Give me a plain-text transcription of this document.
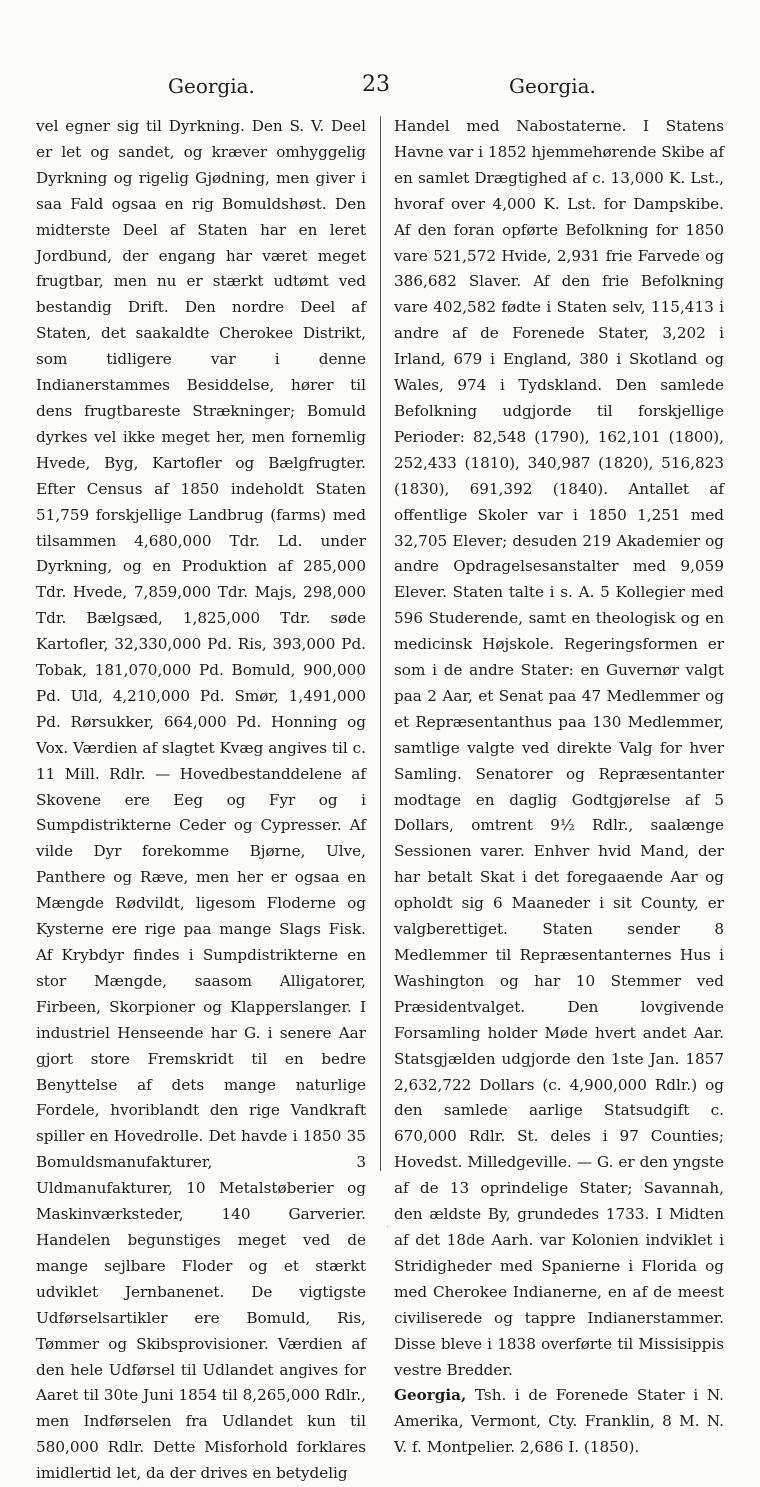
Georgia.	23	Georgia.

vel egner sig til Dyrkning. Den S. V. Deel er let og sandet, og kræver omhyggelig Dyrkning og rigelig Gjødning, men giver i saa Fald ogsaa en rig Bomuldshøst. Den midterste Deel af Staten har en leret Jordbund, der engang har været meget frugtbar, men nu er stærkt udtømt ved bestandig Drift. Den nordre Deel af Staten, det saakaldte Cherokee Distrikt, som tidligere var i denne Indianerstammes Besiddelse, hører til dens frugtbareste Strækninger; Bomuld dyrkes vel ikke meget her, men fornemlig Hvede, Byg, Kartofler og Bælgfrugter. Efter Census af 1850 indeholdt Staten 51,759 forskjellige Landbrug (farms) med tilsammen 4,680,000 Tdr. Ld. under Dyrkning, og en Produktion af 285,000 Tdr. Hvede, 7,859,000 Tdr. Majs, 298,000 Tdr. Bælgsæd, 1,825,000 Tdr. søde Kartofler, 32,330,000 Pd. Ris, 393,000 Pd. Tobak, 181,070,000 Pd. Bomuld, 900,000 Pd. Uld, 4,210,000 Pd. Smør, 1,491,000 Pd. Rørsukker, 664,000 Pd. Honning og Vox. Værdien af slagtet Kvæg angives til c. 11 Mill. Rdlr. — Hovedbestanddelene af Skovene ere Eeg og Fyr og i Sumpdistrikterne Ceder og Cypresser. Af vilde Dyr forekomme Bjørne, Ulve, Panthere og Ræve, men her er ogsaa en Mængde Rødvildt, ligesom Floderne og Kysterne ere rige paa mange Slags Fisk. Af Krybdyr findes i Sumpdistrikterne en stor Mængde, saasom Alligatorer, Firbeen, Skorpioner og Klapperslanger. I industriel Henseende har G. i senere Aar gjort store Fremskridt til en bedre Benyttelse af dets mange naturlige Fordele, hvoriblandt den rige Vandkraft spiller en Hovedrolle. Det havde i 1850 35 Bomuldsmanufakturer, 3 Uldmanufakturer, 10 Metalstøberier og Maskinværksteder, 140 Garverier. Handelen begunstiges meget ved de mange sejlbare Floder og et stærkt udviklet Jernbanenet. De vigtigste Udførselsartikler ere Bomuld, Ris, Tømmer og Skibsprovisioner. Værdien af den hele Udførsel til Udlandet angives for Aaret til 30te Juni 1854 til 8,265,000 Rdlr., men Indførselen fra Udlandet kun til 580,000 Rdlr. Dette Misforhold forklares imidlertid let, da der drives en betydelig

Handel med Nabostaterne. I Statens Havne var i 1852 hjemmehørende Skibe af en samlet Drægtighed af c. 13,000 K. Lst., hvoraf over 4,000 K. Lst. for Dampskibe. Af den foran opførte Befolkning for 1850 vare 521,572 Hvide, 2,931 frie Farvede og 386,682 Slaver. Af den frie Befolkning vare 402,582 fødte i Staten selv, 115,413 i andre af de Forenede Stater, 3,202 i Irland, 679 i England, 380 i Skotland og Wales, 974 i Tydskland. Den samlede Befolkning udgjorde til forskjellige Perioder: 82,548 (1790), 162,101 (1800), 252,433 (1810), 340,987 (1820), 516,823 (1830), 691,392 (1840). Antallet af offentlige Skoler var i 1850 1,251 med 32,705 Elever; desuden 219 Akademier og andre Opdragelsesanstalter med 9,059 Elever. Staten talte i s. A. 5 Kollegier med 596 Studerende, samt en theologisk og en medicinsk Højskole. Regeringsformen er som i de andre Stater: en Guvernør valgt paa 2 Aar, et Senat paa 47 Medlemmer og et Repræsentanthus paa 130 Medlemmer, samtlige valgte ved direkte Valg for hver Samling. Senatorer og Repræsentanter modtage en daglig Godtgjørelse af 5 Dollars, omtrent 9½ Rdlr., saalænge Sessionen varer. Enhver hvid Mand, der har betalt Skat i det foregaaende Aar og opholdt sig 6 Maaneder i sit County, er valgberettiget. Staten sender 8 Medlemmer til Repræsentanternes Hus i Washington og har 10 Stemmer ved Præsidentvalget. Den lovgivende Forsamling holder Møde hvert andet Aar. Statsgjælden udgjorde den 1ste Jan. 1857 2,632,722 Dollars (c. 4,900,000 Rdlr.) og den samlede aarlige Statsudgift c. 670,000 Rdlr. St. deles i 97 Counties; Hovedst. Milledgeville. — G. er den yngste af de 13 oprindelige Stater; Savannah, den ældste By, grundedes 1733. I Midten af det 18de Aarh. var Kolonien indviklet i Stridigheder med Spanierne i Florida og med Cherokee Indianerne, en af de meest civiliserede og tappre Indianerstammer. Disse bleve i 1838 overførte til Missisippis vestre Bredder.

Georgia, Tsh. i de Forenede Stater i N. Amerika, Vermont, Cty. Franklin, 8 M. N. V. f. Montpelier. 2,686 I. (1850).

·
